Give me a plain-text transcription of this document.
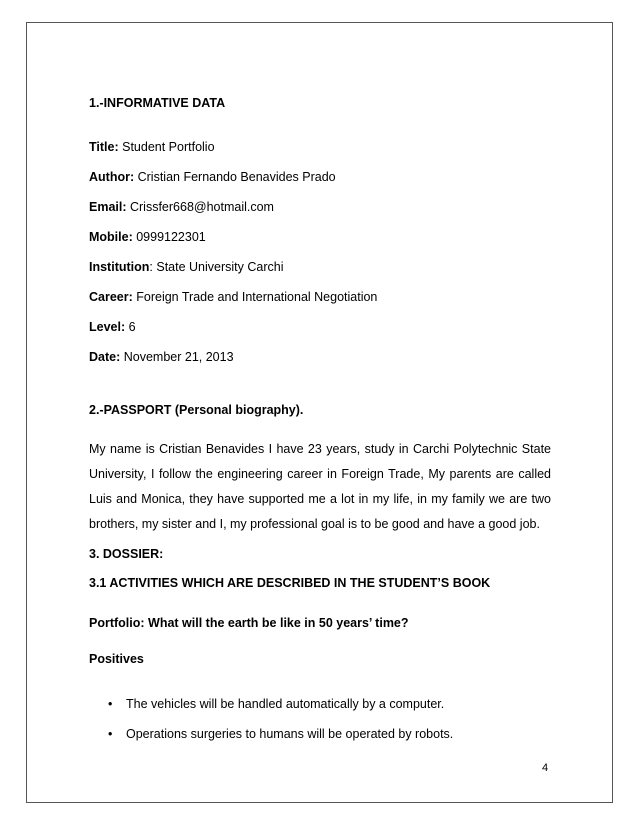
1.-INFORMATIVE DATA
Title: Student Portfolio
Author: Cristian Fernando Benavides Prado
Email: Crissfer668@hotmail.com
Mobile: 0999122301
Institution: State University Carchi
Career: Foreign Trade and International Negotiation
Level: 6
Date: November 21, 2013
2.-PASSPORT (Personal biography).
My name is Cristian Benavides I have 23 years, study in Carchi Polytechnic State University, I follow the engineering career in Foreign Trade, My parents are called Luis and Monica, they have supported me a lot in my life, in my family we are two brothers, my sister and I, my professional goal is to be good and have a good job.
3. DOSSIER:
3.1 ACTIVITIES WHICH ARE DESCRIBED IN THE STUDENT’S BOOK
Portfolio: What will the earth be like in 50 years’ time?
Positives
• The vehicles will be handled automatically by a computer.
• Operations surgeries to humans will be operated by robots.
4
